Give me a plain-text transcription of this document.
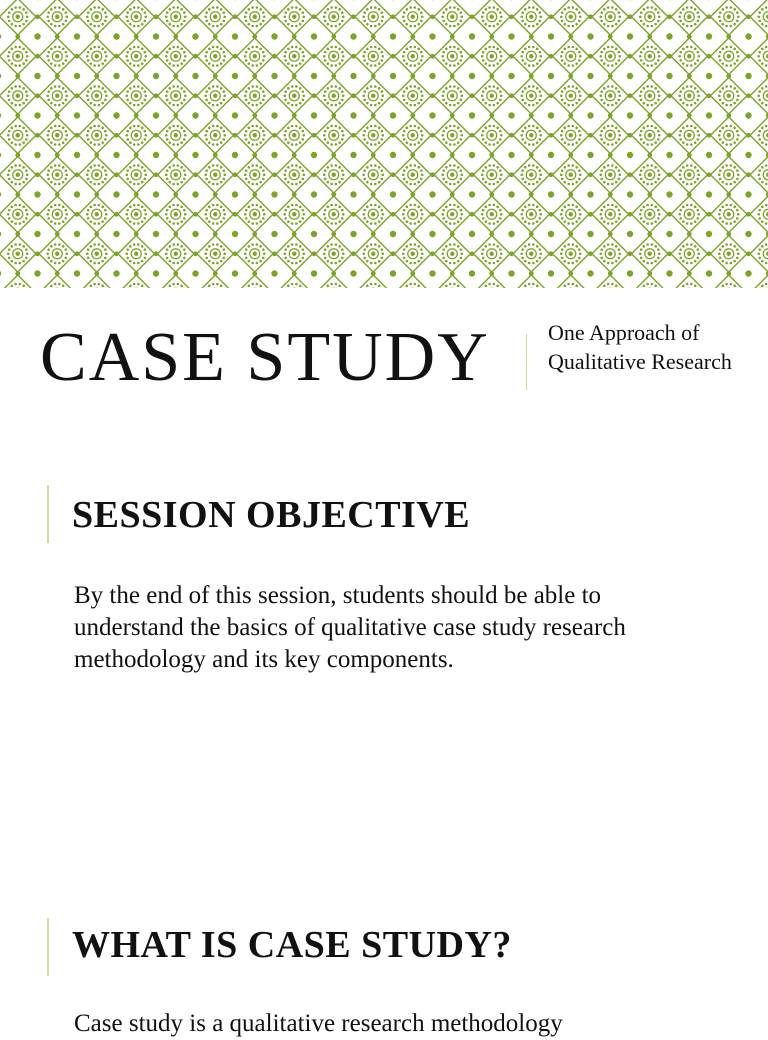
CASE STUDY	One Approach of Qualitative Research

SESSION OBJECTIVE

By the end of this session, students should be able to understand the basics of qualitative case study research methodology and its key components.

WHAT IS CASE STUDY?

Case study is a qualitative research methodology
